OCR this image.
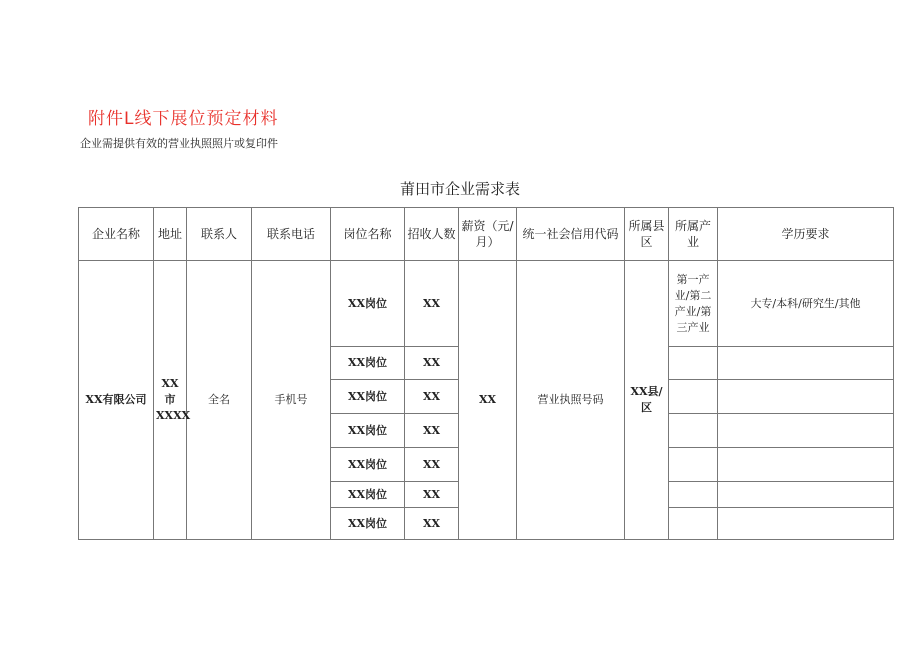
附件L线下展位预定材料
企业需提供有效的营业执照照片或复印件
莆田市企业需求表
企业名称	地址	联系人	联系电话	岗位名称	招收人数	薪资（元/月）	统一社会信用代码	所属县区	所属产业	学历要求
XX有限公司	XX市XXXX	全名	手机号	XX岗位	XX	XX	营业执照号码	XX县/区	第一产业/第二产业/第三产业	大专/本科/研究生/其他
				XX岗位	XX					
				XX岗位	XX					
				XX岗位	XX					
				XX岗位	XX					
				XX岗位	XX					
				XX岗位	XX					
